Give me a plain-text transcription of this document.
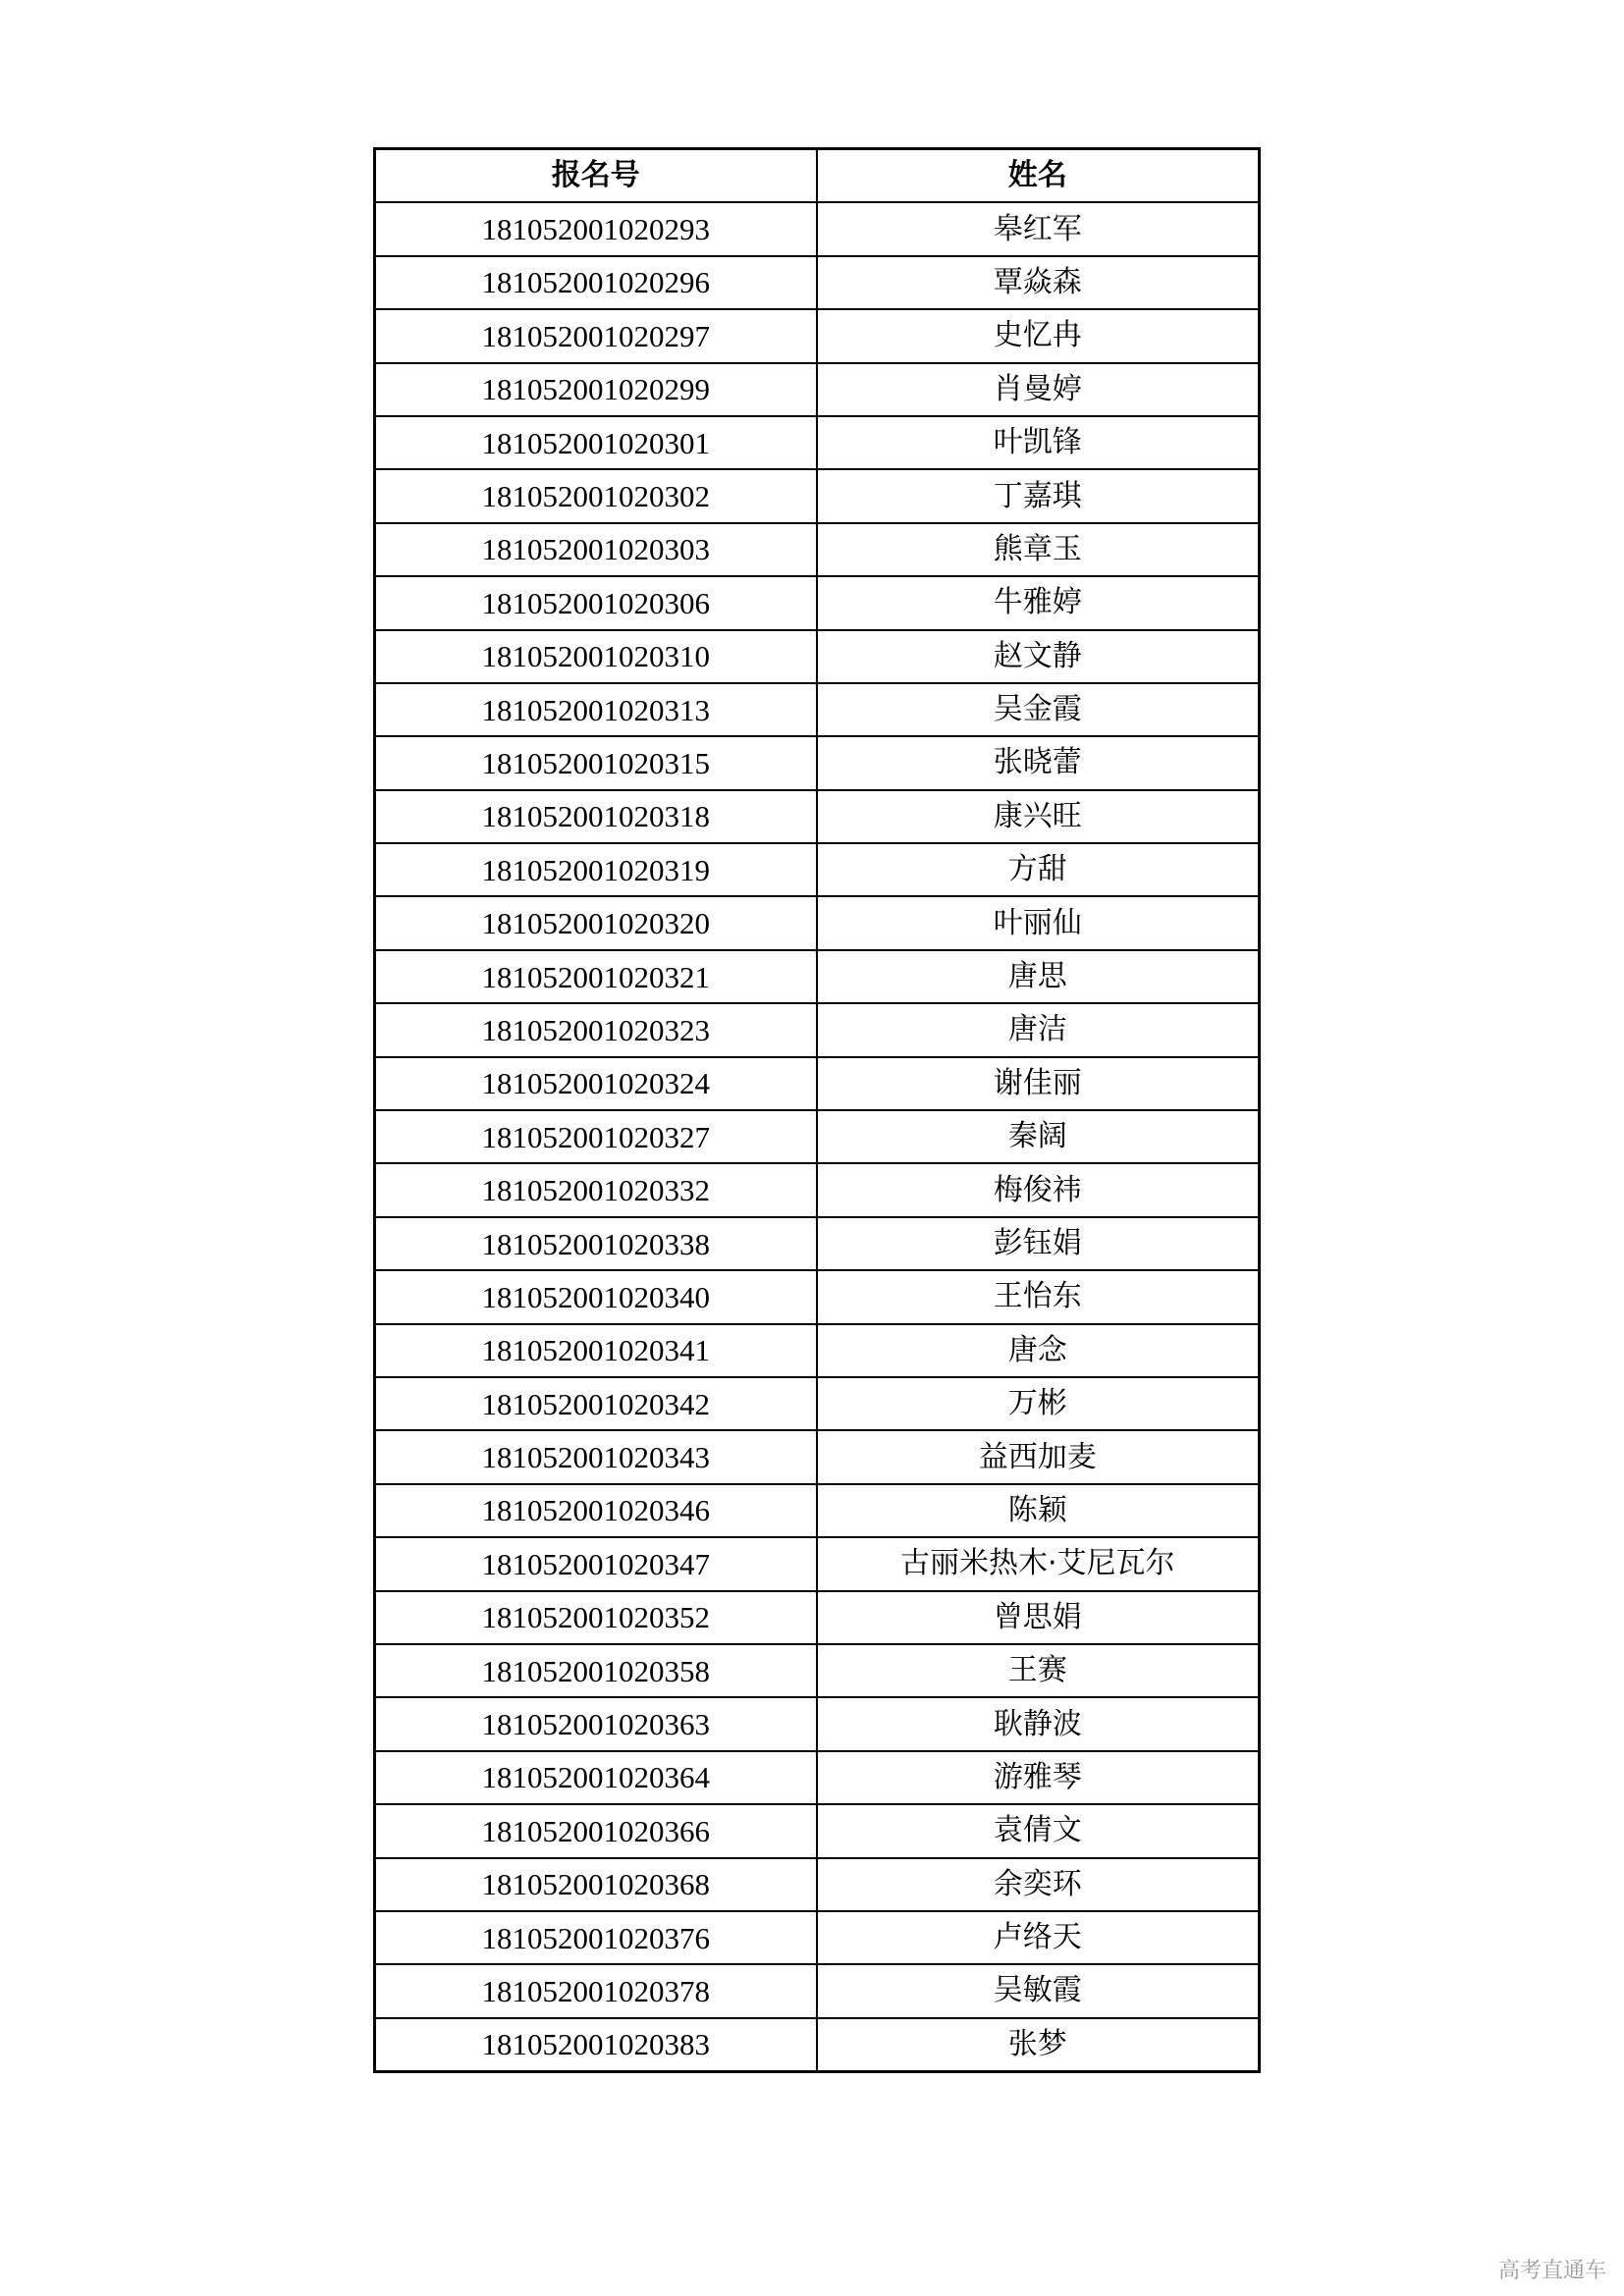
报名号	姓名
181052001020293	皋红军
181052001020296	覃焱森
181052001020297	史忆冉
181052001020299	肖曼婷
181052001020301	叶凯锋
181052001020302	丁嘉琪
181052001020303	熊章玉
181052001020306	牛雅婷
181052001020310	赵文静
181052001020313	吴金霞
181052001020315	张晓蕾
181052001020318	康兴旺
181052001020319	方甜
181052001020320	叶丽仙
181052001020321	唐思
181052001020323	唐洁
181052001020324	谢佳丽
181052001020327	秦阔
181052001020332	梅俊祎
181052001020338	彭钰娟
181052001020340	王怡东
181052001020341	唐念
181052001020342	万彬
181052001020343	益西加麦
181052001020346	陈颖
181052001020347	古丽米热木·艾尼瓦尔
181052001020352	曾思娟
181052001020358	王赛
181052001020363	耿静波
181052001020364	游雅琴
181052001020366	袁倩文
181052001020368	余奕环
181052001020376	卢络天
181052001020378	吴敏霞
181052001020383	张梦
高考直通车
